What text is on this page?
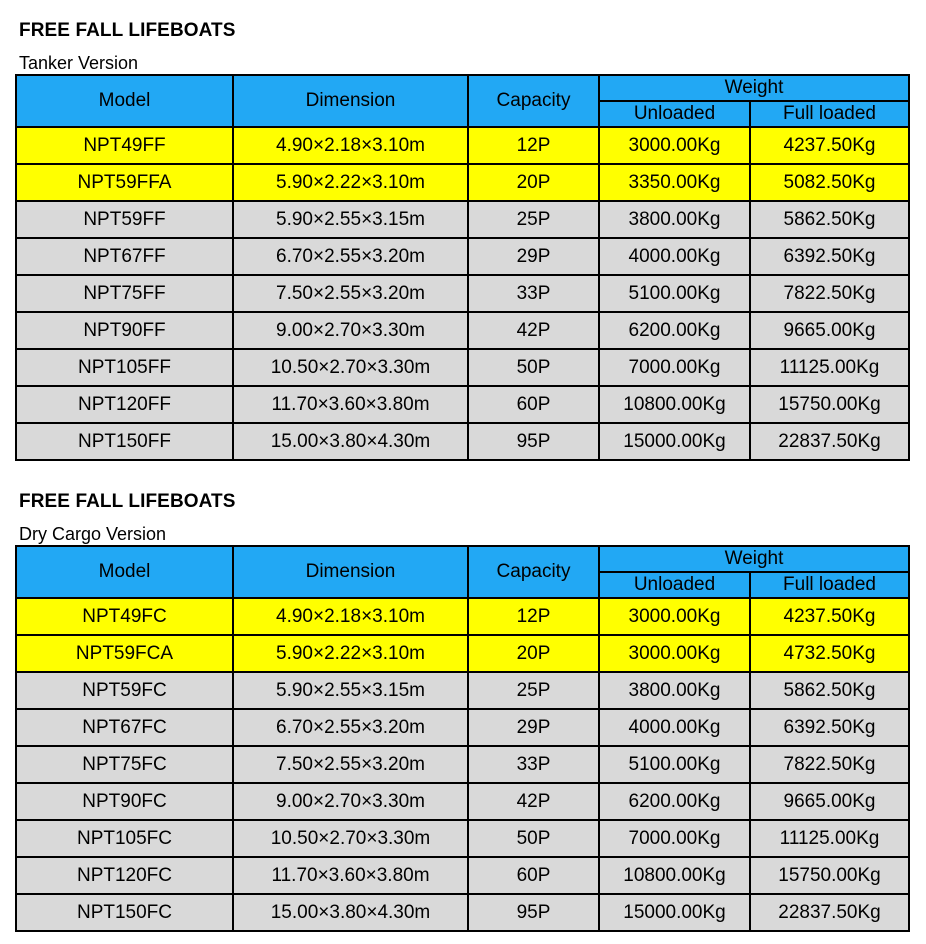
FREE FALL LIFEBOATS
Tanker Version
Model	Dimension	Capacity	Weight	
			Unloaded	Full loaded
NPT49FF	4.90×2.18×3.10m	12P	3000.00Kg	4237.50Kg
NPT59FFA	5.90×2.22×3.10m	20P	3350.00Kg	5082.50Kg
NPT59FF	5.90×2.55×3.15m	25P	3800.00Kg	5862.50Kg
NPT67FF	6.70×2.55×3.20m	29P	4000.00Kg	6392.50Kg
NPT75FF	7.50×2.55×3.20m	33P	5100.00Kg	7822.50Kg
NPT90FF	9.00×2.70×3.30m	42P	6200.00Kg	9665.00Kg
NPT105FF	10.50×2.70×3.30m	50P	7000.00Kg	11125.00Kg
NPT120FF	11.70×3.60×3.80m	60P	10800.00Kg	15750.00Kg
NPT150FF	15.00×3.80×4.30m	95P	15000.00Kg	22837.50Kg
FREE FALL LIFEBOATS
Dry Cargo Version
Model	Dimension	Capacity	Weight	
			Unloaded	Full loaded
NPT49FC	4.90×2.18×3.10m	12P	3000.00Kg	4237.50Kg
NPT59FCA	5.90×2.22×3.10m	20P	3000.00Kg	4732.50Kg
NPT59FC	5.90×2.55×3.15m	25P	3800.00Kg	5862.50Kg
NPT67FC	6.70×2.55×3.20m	29P	4000.00Kg	6392.50Kg
NPT75FC	7.50×2.55×3.20m	33P	5100.00Kg	7822.50Kg
NPT90FC	9.00×2.70×3.30m	42P	6200.00Kg	9665.00Kg
NPT105FC	10.50×2.70×3.30m	50P	7000.00Kg	11125.00Kg
NPT120FC	11.70×3.60×3.80m	60P	10800.00Kg	15750.00Kg
NPT150FC	15.00×3.80×4.30m	95P	15000.00Kg	22837.50Kg
